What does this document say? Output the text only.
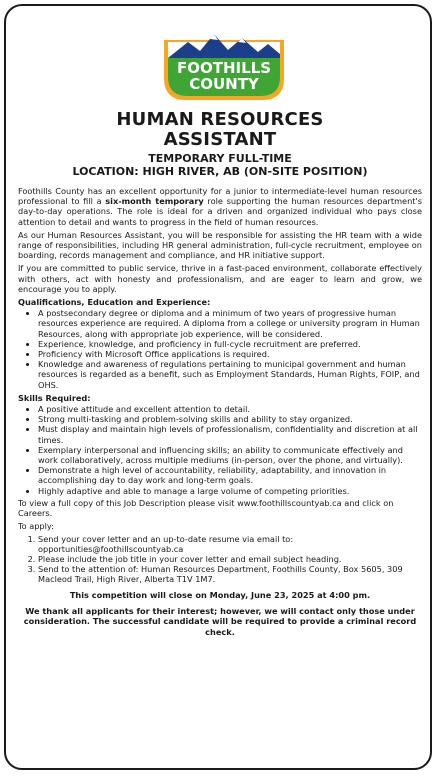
FOOTHILLS
COUNTY
HUMAN RESOURCES
ASSISTANT
TEMPORARY FULL-TIME
LOCATION: HIGH RIVER, AB (ON-SITE POSITION)

Foothills County has an excellent opportunity for a junior to intermediate-level human resources professional to fill a six-month temporary role supporting the human resources department's day-to-day operations. The role is ideal for a driven and organized individual who pays close attention to detail and wants to progress in the field of human resources.

As our Human Resources Assistant, you will be responsible for assisting the HR team with a wide range of responsibilities, including HR general administration, full-cycle recruitment, employee on boarding, records management and compliance, and HR initiative support.

If you are committed to public service, thrive in a fast-paced environment, collaborate effectively with others, act with honesty and professionalism, and are eager to learn and grow, we encourage you to apply.

Qualifications, Education and Experience:
• A postsecondary degree or diploma and a minimum of two years of progressive human resources experience are required. A diploma from a college or university program in Human Resources, along with appropriate job experience, will be considered.
• Experience, knowledge, and proficiency in full-cycle recruitment are preferred.
• Proficiency with Microsoft Office applications is required.
• Knowledge and awareness of regulations pertaining to municipal government and human resources is regarded as a benefit, such as Employment Standards, Human Rights, FOIP, and OHS.
Skills Required:
• A positive attitude and excellent attention to detail.
• Strong multi-tasking and problem-solving skills and ability to stay organized.
• Must display and maintain high levels of professionalism, confidentiality and discretion at all times.
• Exemplary interpersonal and influencing skills; an ability to communicate effectively and work collaboratively, across multiple mediums (in-person, over the phone, and virtually).
• Demonstrate a high level of accountability, reliability, adaptability, and innovation in accomplishing day to day work and long-term goals.
• Highly adaptive and able to manage a large volume of competing priorities.

To view a full copy of this Job Description please visit www.foothillscountyab.ca and click on Careers.

To apply:

1. Send your cover letter and an up-to-date resume via email to: opportunities@foothillscountyab.ca
2. Please include the job title in your cover letter and email subject heading.
3. Send to the attention of: Human Resources Department, Foothills County, Box 5605, 309 Macleod Trail, High River, Alberta T1V 1M7.
This competition will close on Monday, June 23, 2025 at 4:00 pm.
We thank all applicants for their interest; however, we will contact only those under consideration. The successful candidate will be required to provide a criminal record check.
